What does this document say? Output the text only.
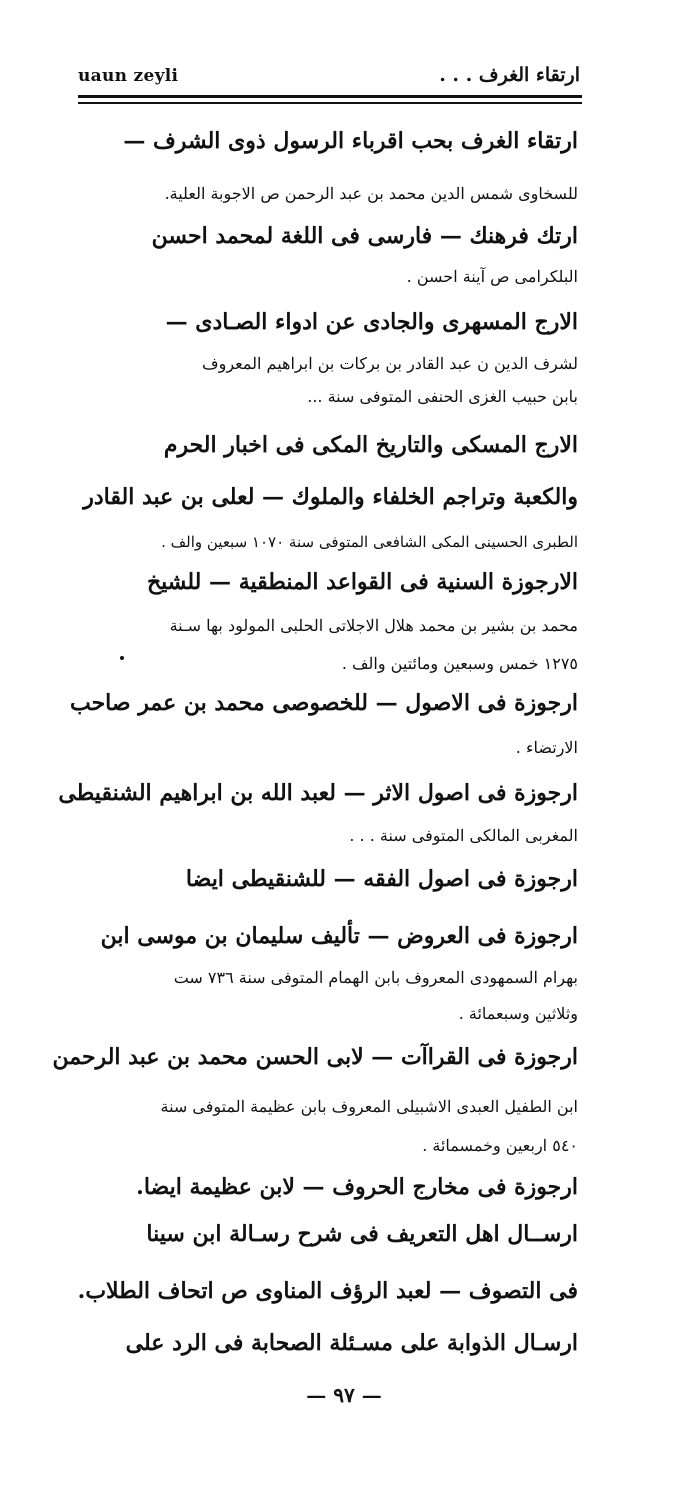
uaun zeyli	ارتقاء الغرف . . .
ارتقاء الغرف بحب اقرباء الرسول ذوى الشرف —
للسخاوى شمس الدين محمد بن عبد الرحمن ص الاجوبة العلية.
ارتك فرهنك — فارسى فى اللغة لمحمد احسن
البلكرامى ص آينة احسن .
الارج المسهرى والجادى عن ادواء الصـادى —
لشرف الدين ن عبد القادر بن بركات بن ابراهيم المعروف
بابن حبيب الغزى الحنفى المتوفى سنة ...
الارج المسكى والتاريخ المكى فى اخبار الحرم
والكعبة وتراجم الخلفاء والملوك — لعلى بن عبد القادر
الطبرى الحسينى المكى الشافعى المتوفى سنة ١٠٧٠ سبعين والف .
الارجوزة السنية فى القواعد المنطقية — للشيخ
محمد بن بشير بن محمد هلال الاجلاتى الحلبى المولود بها سـنة
١٢٧٥ خمس وسبعين ومائتين والف .
ارجوزة فى الاصول — للخصوصى محمد بن عمر صاحب
الارتضاء .
ارجوزة فى اصول الاثر — لعبد الله بن ابراهيم الشنقيطى
المغربى المالكى المتوفى سنة . . .
ارجوزة فى اصول الفقه — للشنقيطى ايضا
ارجوزة فى العروض — تأليف سليمان بن موسى ابن
بهرام السمهودى المعروف بابن الهمام المتوفى سنة ٧٣٦ ست
وثلاثين وسبعمائة .
ارجوزة فى القراآت — لابى الحسن محمد بن عبد الرحمن
ابن الطفيل العبدى الاشبيلى المعروف بابن عظيمة المتوفى سنة
٥٤٠ اربعين وخمسمائة .
ارجوزة فى مخارج الحروف — لابن عظيمة ايضا.
ارســال اهل التعريف فى شرح رسـالة ابن سينا
فى التصوف — لعبد الرؤف المناوى ص اتحاف الطلاب.
ارسـال الذوابة على مسـئلة الصحابة فى الرد على
— ٩٧ —
